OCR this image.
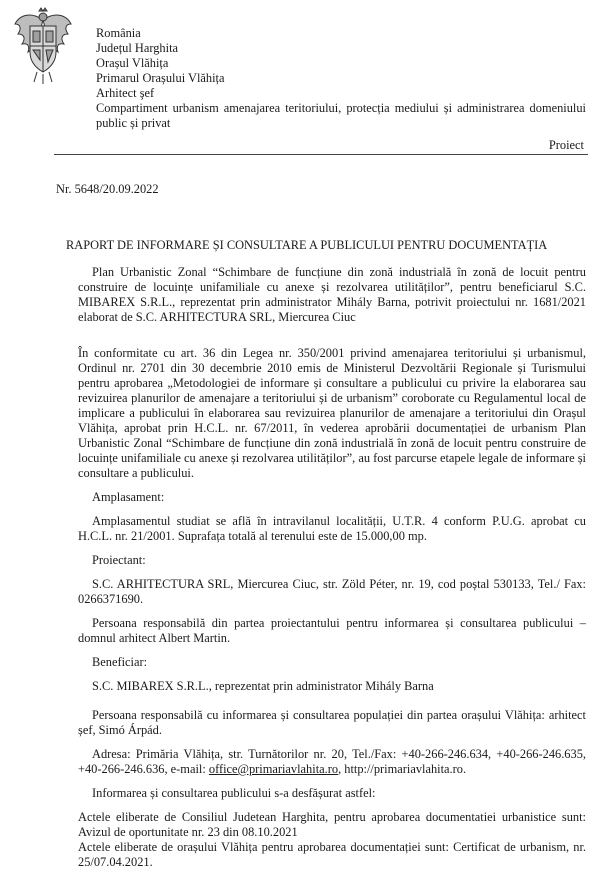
România
Județul Harghita
Orașul Vlăhița
Primarul Orașului Vlăhița
Arhitect şef
Compartiment urbanism amenajarea teritoriului, protecția mediului și administrarea domeniului public și privat
Proiect
Nr. 5648/20.09.2022
RAPORT DE INFORMARE ȘI CONSULTARE A PUBLICULUI PENTRU DOCUMENTAȚIA

Plan Urbanistic Zonal “Schimbare de funcțiune din zonă industrială în zonă de locuit pentru construire de locuințe unifamiliale cu anexe și rezolvarea utilităților”, pentru beneficiarul S.C. MIBAREX S.R.L., reprezentat prin administrator Mihály Barna, potrivit proiectului nr. 1681/2021 elaborat de S.C. ARHITECTURA SRL, Miercurea Ciuc

În conformitate cu art. 36 din Legea nr. 350/2001 privind amenajarea teritoriului și urbanismul, Ordinul nr. 2701 din 30 decembrie 2010 emis de Ministerul Dezvoltării Regionale și Turismului pentru aprobarea „Metodologiei de informare și consultare a publicului cu privire la elaborarea sau revizuirea planurilor de amenajare a teritoriului și de urbanism” coroborate cu Regulamentul local de implicare a publicului în elaborarea sau revizuirea planurilor de amenajare a teritoriului din Orașul Vlăhița, aprobat prin H.C.L. nr. 67/2011, în vederea aprobării documentației de urbanism Plan Urbanistic Zonal “Schimbare de funcțiune din zonă industrială în zonă de locuit pentru construire de locuințe unifamiliale cu anexe și rezolvarea utilităților”, au fost parcurse etapele legale de informare și consultare a publicului.

Amplasament:

Amplasamentul studiat se află în intravilanul localității, U.T.R. 4 conform P.U.G. aprobat cu H.C.L. nr. 21/2001. Suprafața totală al terenului este de 15.000,00 mp.

Proiectant:

S.C. ARHITECTURA SRL, Miercurea Ciuc, str. Zöld Péter, nr. 19, cod poștal 530133, Tel./ Fax: 0266371690.

Persoana responsabilă din partea proiectantului pentru informarea și consultarea publicului – domnul arhitect Albert Martin.

Beneficiar:

S.C. MIBAREX S.R.L., reprezentat prin administrator Mihály Barna

Persoana responsabilă cu informarea și consultarea populației din partea orașului Vlăhița: arhitect șef, Simó Árpád.

Adresa: Primăria Vlăhița, str. Turnătorilor nr. 20, Tel./Fax: +40-266-246.634, +40-266-246.635, +40-266-246.636, e-mail: office@primariavlahita.ro, http://primariavlahita.ro.

Informarea și consultarea publicului s-a desfășurat astfel:

Actele eliberate de Consiliul Judetean Harghita, pentru aprobarea documentatiei urbanistice sunt: Avizul de oportunitate nr. 23 din 08.10.2021

Actele eliberate de orașului Vlăhița pentru aprobarea documentației sunt: Certificat de urbanism, nr. 25/07.04.2021.
